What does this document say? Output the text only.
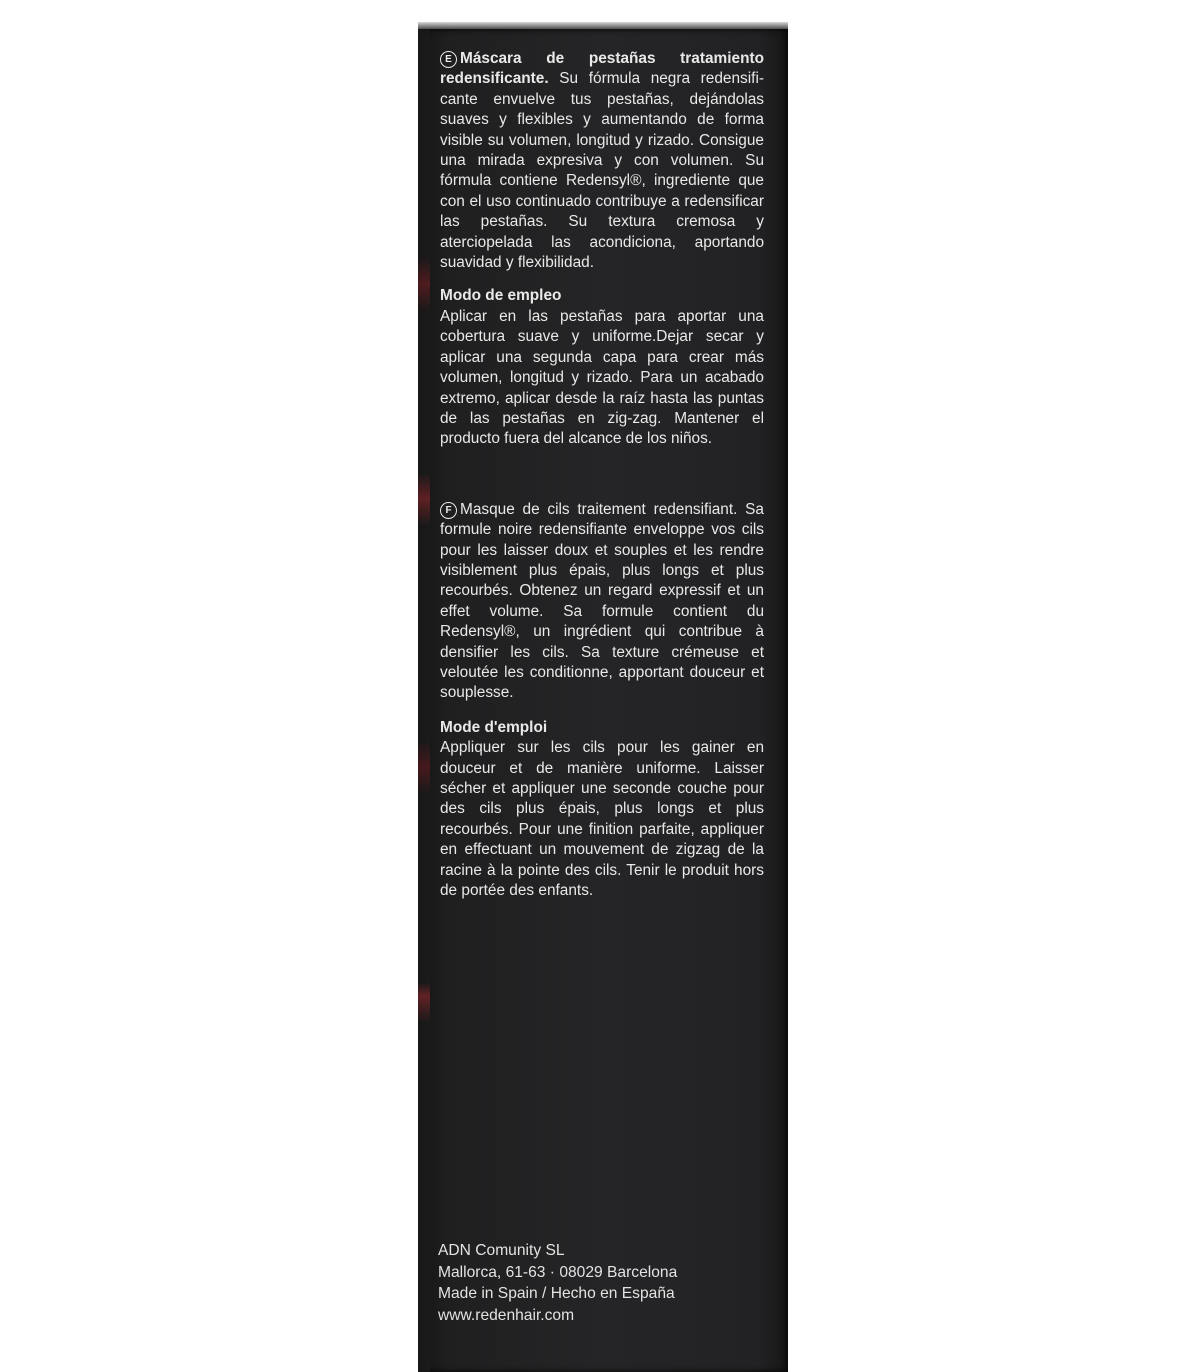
E Máscara de pestañas tratamiento redensificante. Su fórmula negra redensificante envuelve tus pestañas, dejándolas suaves y flexibles y aumentando de forma visible su volumen, longitud y rizado. Consigue una mirada expresiva y con volumen. Su fórmula contiene Redensyl®, ingrediente que con el uso continuado contribuye a redensificar las pestañas. Su textura cremosa y aterciopelada las acondiciona, aportando suavidad y flexibilidad.

Modo de empleo

Aplicar en las pestañas para aportar una cobertura suave y uniforme.Dejar secar y aplicar una segunda capa para crear más volumen, longitud y rizado. Para un acabado extremo, aplicar desde la raíz hasta las puntas de las pestañas en zig-zag. Mantener el producto fuera del alcance de los niños.

F Masque de cils traitement redensifiant. Sa formule noire redensifiante enveloppe vos cils pour les laisser doux et souples et les rendre visiblement plus épais, plus longs et plus recourbés. Obtenez un regard expressif et un effet volume. Sa formule contient du Redensyl®, un ingrédient qui contribue à densifier les cils. Sa texture crémeuse et veloutée les conditionne, apportant douceur et souplesse.

Mode d'emploi

Appliquer sur les cils pour les gainer en douceur et de manière uniforme. Laisser sécher et appliquer une seconde couche pour des cils plus épais, plus longs et plus recourbés. Pour une finition parfaite, appliquer en effectuant un mouvement de zigzag de la racine à la pointe des cils. Tenir le produit hors de portée des enfants.

ADN Comunity SL
Mallorca, 61-63 · 08029 Barcelona
Made in Spain / Hecho en España
www.redenhair.com
